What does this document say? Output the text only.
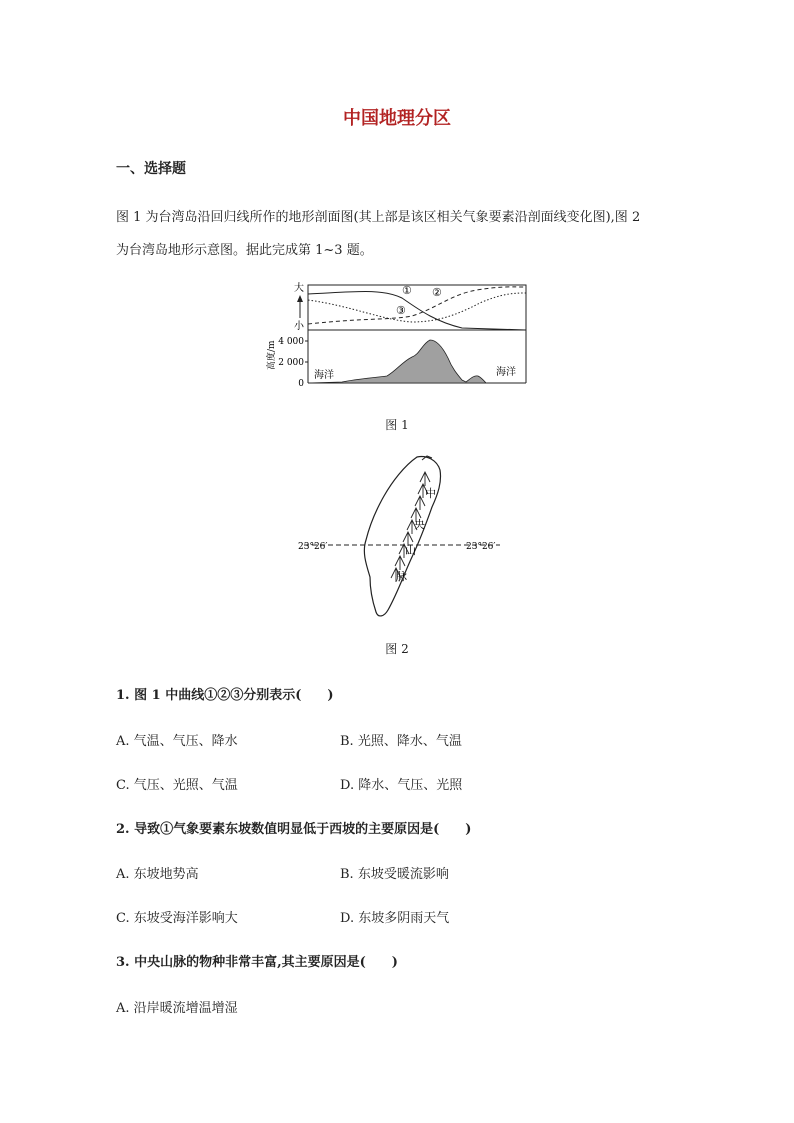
中国地理分区
一、选择题
图 1 为台湾岛沿回归线所作的地形剖面图(其上部是该区相关气象要素沿剖面线变化图),图 2
为台湾岛地形示意图。据此完成第 1~3 题。
大
小
① ②
③
4 000
2 000
0
高度/m
海洋	海洋
图 1
23°26′	23°26′
中
央
山
脉
图 2
1. 图 1 中曲线①②③分别表示(　　)
A. 气温、气压、降水	B. 光照、降水、气温
C. 气压、光照、气温	D. 降水、气压、光照
2. 导致①气象要素东坡数值明显低于西坡的主要原因是(　　)
A. 东坡地势高	B. 东坡受暖流影响
C. 东坡受海洋影响大	D. 东坡多阴雨天气
3. 中央山脉的物种非常丰富,其主要原因是(　　)
A. 沿岸暖流增温增湿
